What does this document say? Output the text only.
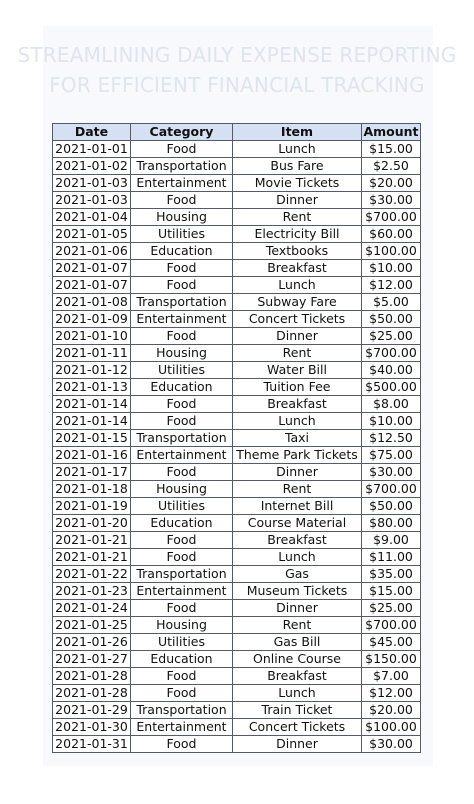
STREAMLINING DAILY EXPENSE REPORTING
FOR EFFICIENT FINANCIAL TRACKING
Date	Category	Item	Amount
2021-01-01	Food	Lunch	$15.00
2021-01-02	Transportation	Bus Fare	$2.50
2021-01-03	Entertainment	Movie Tickets	$20.00
2021-01-03	Food	Dinner	$30.00
2021-01-04	Housing	Rent	$700.00
2021-01-05	Utilities	Electricity Bill	$60.00
2021-01-06	Education	Textbooks	$100.00
2021-01-07	Food	Breakfast	$10.00
2021-01-07	Food	Lunch	$12.00
2021-01-08	Transportation	Subway Fare	$5.00
2021-01-09	Entertainment	Concert Tickets	$50.00
2021-01-10	Food	Dinner	$25.00
2021-01-11	Housing	Rent	$700.00
2021-01-12	Utilities	Water Bill	$40.00
2021-01-13	Education	Tuition Fee	$500.00
2021-01-14	Food	Breakfast	$8.00
2021-01-14	Food	Lunch	$10.00
2021-01-15	Transportation	Taxi	$12.50
2021-01-16	Entertainment	Theme Park Tickets	$75.00
2021-01-17	Food	Dinner	$30.00
2021-01-18	Housing	Rent	$700.00
2021-01-19	Utilities	Internet Bill	$50.00
2021-01-20	Education	Course Material	$80.00
2021-01-21	Food	Breakfast	$9.00
2021-01-21	Food	Lunch	$11.00
2021-01-22	Transportation	Gas	$35.00
2021-01-23	Entertainment	Museum Tickets	$15.00
2021-01-24	Food	Dinner	$25.00
2021-01-25	Housing	Rent	$700.00
2021-01-26	Utilities	Gas Bill	$45.00
2021-01-27	Education	Online Course	$150.00
2021-01-28	Food	Breakfast	$7.00
2021-01-28	Food	Lunch	$12.00
2021-01-29	Transportation	Train Ticket	$20.00
2021-01-30	Entertainment	Concert Tickets	$100.00
2021-01-31	Food	Dinner	$30.00
